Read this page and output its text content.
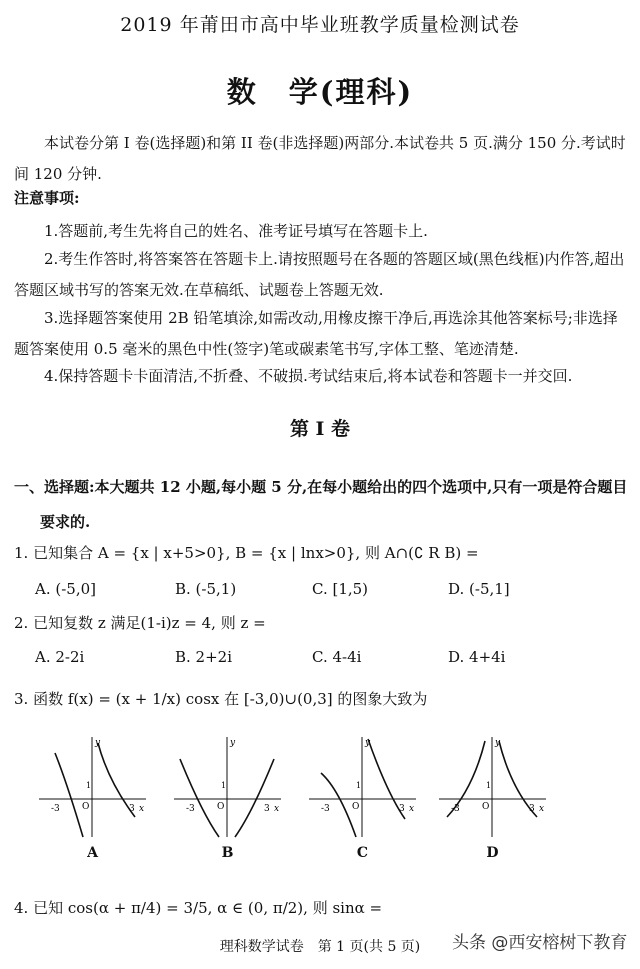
2019 年莆田市高中毕业班教学质量检测试卷
数　学(理科)
本试卷分第 I 卷(选择题)和第 II 卷(非选择题)两部分.本试卷共 5 页.满分 150 分.考试时间 120 分钟.
注意事项:
1.答题前,考生先将自己的姓名、准考证号填写在答题卡上.
2.考生作答时,将答案答在答题卡上.请按照题号在各题的答题区域(黑色线框)内作答,超出答题区域书写的答案无效.在草稿纸、试题卷上答题无效.
3.选择题答案使用 2B 铅笔填涂,如需改动,用橡皮擦干净后,再选涂其他答案标号;非选择题答案使用 0.5 毫米的黑色中性(签字)笔或碳素笔书写,字体工整、笔迹清楚.
4.保持答题卡卡面清洁,不折叠、不破损.考试结束后,将本试卷和答题卡一并交回.
第 I 卷
一、选择题:本大题共 12 小题,每小题 5 分,在每小题给出的四个选项中,只有一项是符合题目
要求的.
1. 已知集合 A = {x | x+5>0}, B = {x | lnx>0}, 则 A∩(∁ R B) =
A. (-5,0]	B. (-5,1)	C. [1,5)	D. (-5,1]
2. 已知复数 z 满足(1-i)z = 4, 则 z =
A. 2-2i	B. 2+2i	C. 4-4i	D. 4+4i
3. 函数 f(x) = (x + 1/x) cosx 在 [-3,0)∪(0,3] 的图象大致为
-3	3
O
1
y
x
A
-3	3
O
1
y
x
B
-3	3
O
1
y
x
C
-3	3
O
1
y
x
D
4. 已知 cos(α + π/4) = 3/5, α ∈ (0, π/2), 则 sinα =
理科数学试卷　第 1 页(共 5 页)	头条 @西安榕树下教育
